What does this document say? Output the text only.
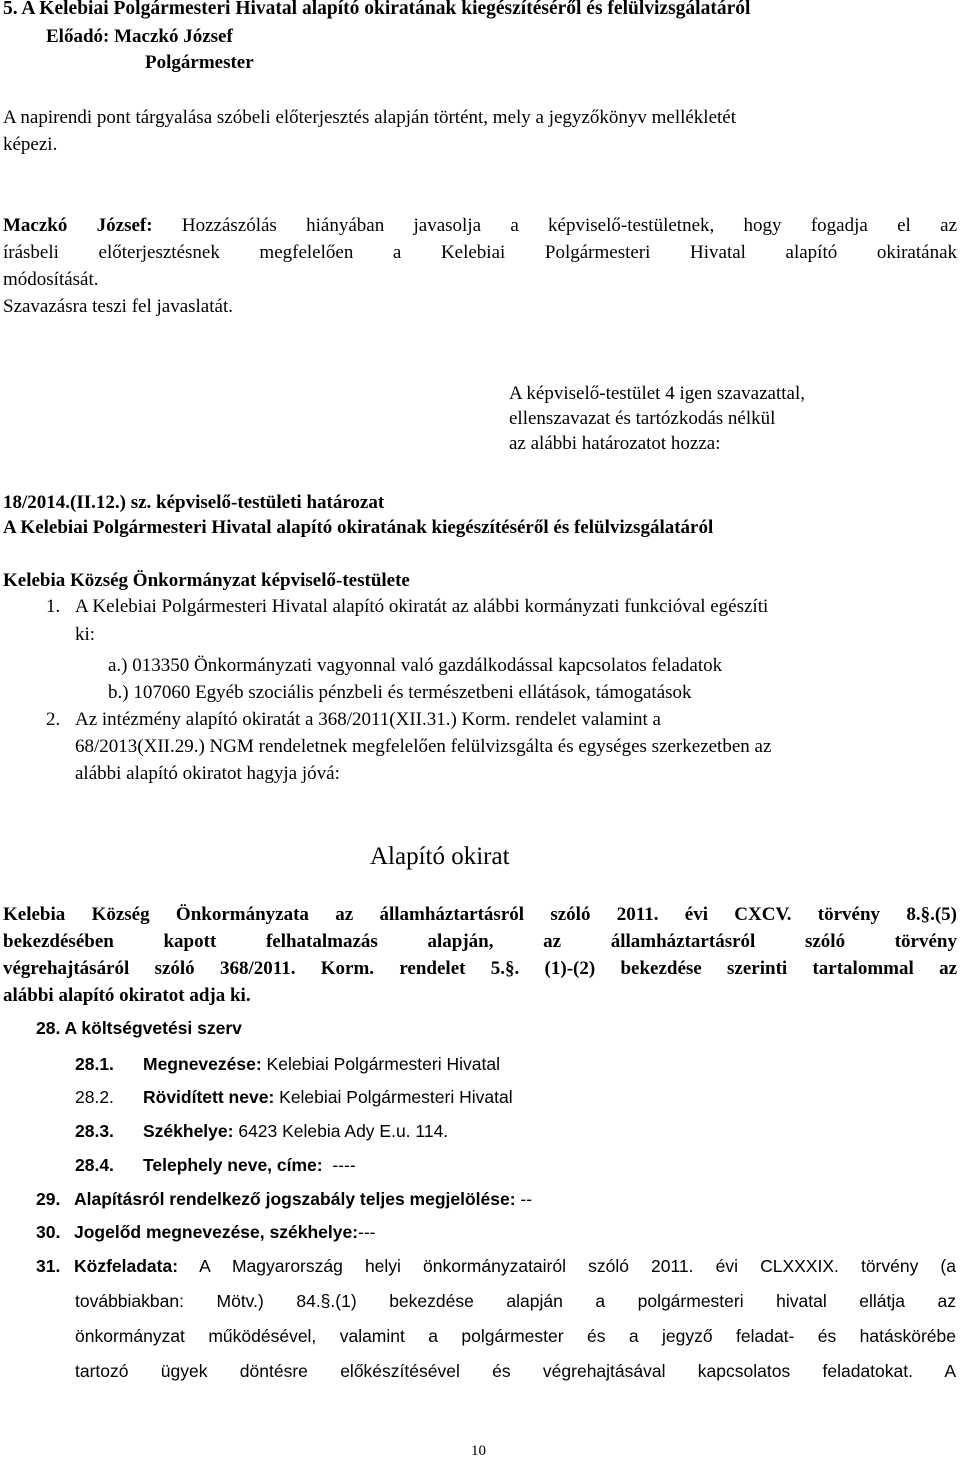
5. A Kelebiai Polgármesteri Hivatal alapító okiratának kiegészítéséről és felülvizsgálatáról
Előadó: Maczkó József
Polgármester
A napirendi pont tárgyalása szóbeli előterjesztés alapján történt, mely a jegyzőkönyv mellékletét
képezi.
Maczkó József: Hozzászólás hiányában javasolja a képviselő-testületnek, hogy fogadja el az
írásbeli előterjesztésnek megfelelően a Kelebiai Polgármesteri Hivatal alapító okiratának
módosítását.
Szavazásra teszi fel javaslatát.
A képviselő-testület 4 igen szavazattal,
ellenszavazat és tartózkodás nélkül
az alábbi határozatot hozza:
18/2014.(II.12.) sz. képviselő-testületi határozat
A Kelebiai Polgármesteri Hivatal alapító okiratának kiegészítéséről és felülvizsgálatáról
Kelebia Község Önkormányzat képviselő-testülete
1. A Kelebiai Polgármesteri Hivatal alapító okiratát az alábbi kormányzati funkcióval egészíti
ki:
a.) 013350 Önkormányzati vagyonnal való gazdálkodással kapcsolatos feladatok
b.) 107060 Egyéb szociális pénzbeli és természetbeni ellátások, támogatások
2. Az intézmény alapító okiratát a 368/2011(XII.31.) Korm. rendelet valamint a
68/2013(XII.29.) NGM rendeletnek megfelelően felülvizsgálta és egységes szerkezetben az
alábbi alapító okiratot hagyja jóvá:
Alapító okirat
Kelebia Község Önkormányzata az államháztartásról szóló 2011. évi CXCV. törvény 8.§.(5)
bekezdésében kapott felhatalmazás alapján, az államháztartásról szóló törvény
végrehajtásáról szóló 368/2011. Korm. rendelet 5.§. (1)-(2) bekezdése szerinti tartalommal az
alábbi alapító okiratot adja ki.
28. A költségvetési szerv
28.1. Megnevezése: Kelebiai Polgármesteri Hivatal
28.2. Rövidített neve: Kelebiai Polgármesteri Hivatal
28.3. Székhelye: 6423 Kelebia Ady E.u. 114.
28.4. Telephely neve, címe:  ----
29. Alapításról rendelkező jogszabály teljes megjelölése: --
30. Jogelőd megnevezése, székhelye:---
31. Közfeladata: A Magyarország helyi önkormányzatairól szóló 2011. évi CLXXXIX. törvény (a
továbbiakban: Mötv.) 84.§.(1) bekezdése alapján a polgármesteri hivatal ellátja az
önkormányzat működésével, valamint a polgármester és a jegyző feladat- és hatáskörébe
tartozó ügyek döntésre előkészítésével és végrehajtásával kapcsolatos feladatokat. A
10
